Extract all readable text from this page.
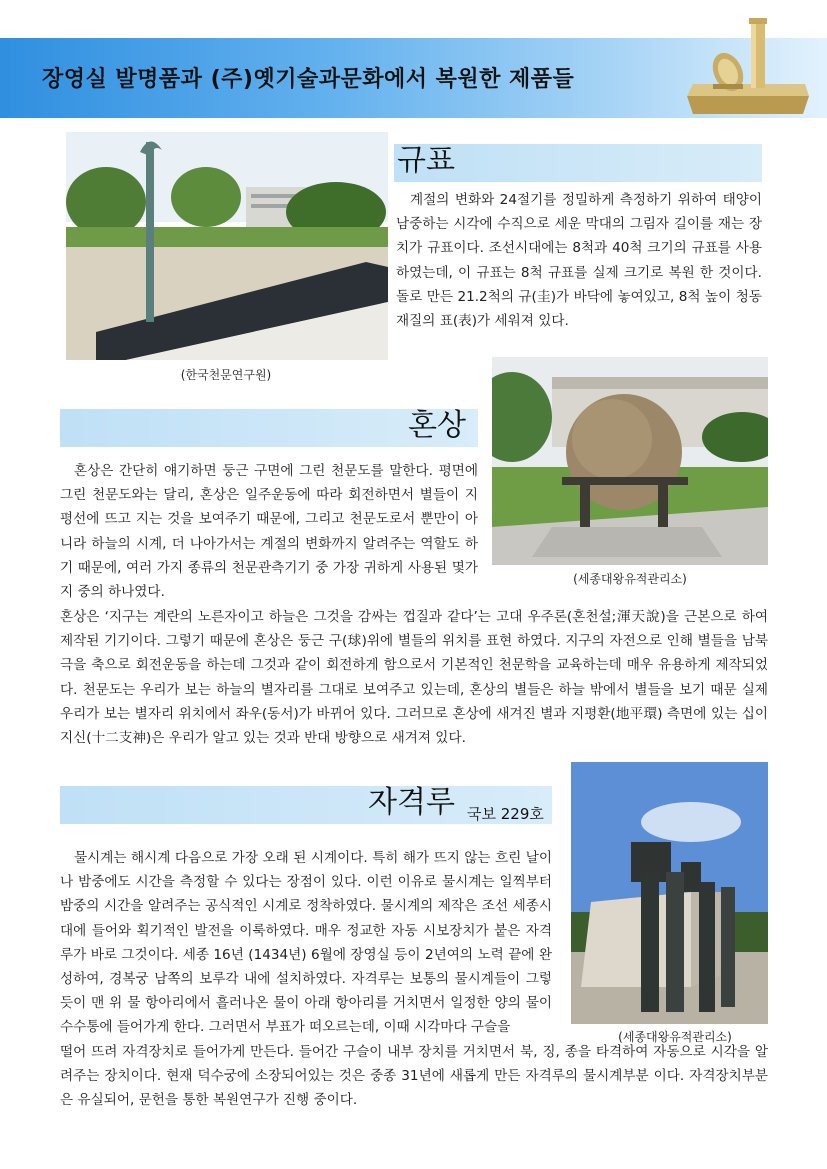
장영실 발명품과 (주)옛기술과문화에서 복원한 제품들
(한국천문연구원)
규표
계절의 변화와 24절기를 정밀하게 측정하기 위하여 태양이 남중하는 시각에 수직으로 세운 막대의 그림자 길이를 재는 장치가 규표이다. 조선시대에는 8척과 40척 크기의 규표를 사용하였는데, 이 규표는 8척 규표를 실제 크기로 복원 한 것이다. 돌로 만든 21.2척의 규(圭)가 바닥에 놓여있고, 8척 높이 청동 재질의 표(表)가 세워져 있다.
(세종대왕유적관리소)
혼상
혼상은 간단히 얘기하면 둥근 구면에 그린 천문도를 말한다. 평면에 그린 천문도와는 달리, 혼상은 일주운동에 따라 회전하면서 별들이 지평선에 뜨고 지는 것을 보여주기 때문에, 그리고 천문도로서 뿐만이 아니라 하늘의 시계, 더 나아가서는 계절의 변화까지 알려주는 역할도 하기 때문에, 여러 가지 종류의 천문관측기기 중 가장 귀하게 사용된 몇가지 중의 하나였다.
혼상은 ‘지구는 계란의 노른자이고 하늘은 그것을 감싸는 껍질과 같다’는 고대 우주론(혼천설;渾天說)을 근본으로 하여 제작된 기기이다. 그렇기 때문에 혼상은 둥근 구(球)위에 별들의 위치를 표현 하였다. 지구의 자전으로 인해 별들을 남북극을 축으로 회전운동을 하는데 그것과 같이 회전하게 함으로서 기본적인 천문학을 교육하는데 매우 유용하게 제작되었다. 천문도는 우리가 보는 하늘의 별자리를 그대로 보여주고 있는데, 혼상의 별들은 하늘 밖에서 별들을 보기 때문 실제 우리가 보는 별자리 위치에서 좌우(동서)가 바뀌어 있다. 그러므로 혼상에 새겨진 별과 지평환(地平環) 측면에 있는 십이지신(十二支神)은 우리가 알고 있는 것과 반대 방향으로 새겨져 있다.
(세종대왕유적관리소)
자격루 국보 229호
물시계는 해시계 다음으로 가장 오래 된 시계이다. 특히 해가 뜨지 않는 흐린 날이나 밤중에도 시간을 측정할 수 있다는 장점이 있다. 이런 이유로 물시계는 일찍부터 밤중의 시간을 알려주는 공식적인 시계로 정착하였다. 물시계의 제작은 조선 세종시대에 들어와 획기적인 발전을 이룩하였다. 매우 정교한 자동 시보장치가 붙은 자격루가 바로 그것이다. 세종 16년 (1434년) 6월에 장영실 등이 2년여의 노력 끝에 완성하여, 경복궁 남쪽의 보루각 내에 설치하였다. 자격루는 보통의 물시계들이 그렇듯이 맨 위 물 항아리에서 흘러나온 물이 아래 항아리를 거치면서 일정한 양의 물이 수수통에 들어가게 한다. 그러면서 부표가 떠오르는데, 이때 시각마다 구슬을
떨어 뜨려 자격장치로 들어가게 만든다. 들어간 구슬이 내부 장치를 거치면서 북, 징, 종을 타격하여 자동으로 시각을 알려주는 장치이다. 현재 덕수궁에 소장되어있는 것은 중종 31년에 새롭게 만든 자격루의 물시계부분 이다. 자격장치부분은 유실되어, 문헌을 통한 복원연구가 진행 중이다.
